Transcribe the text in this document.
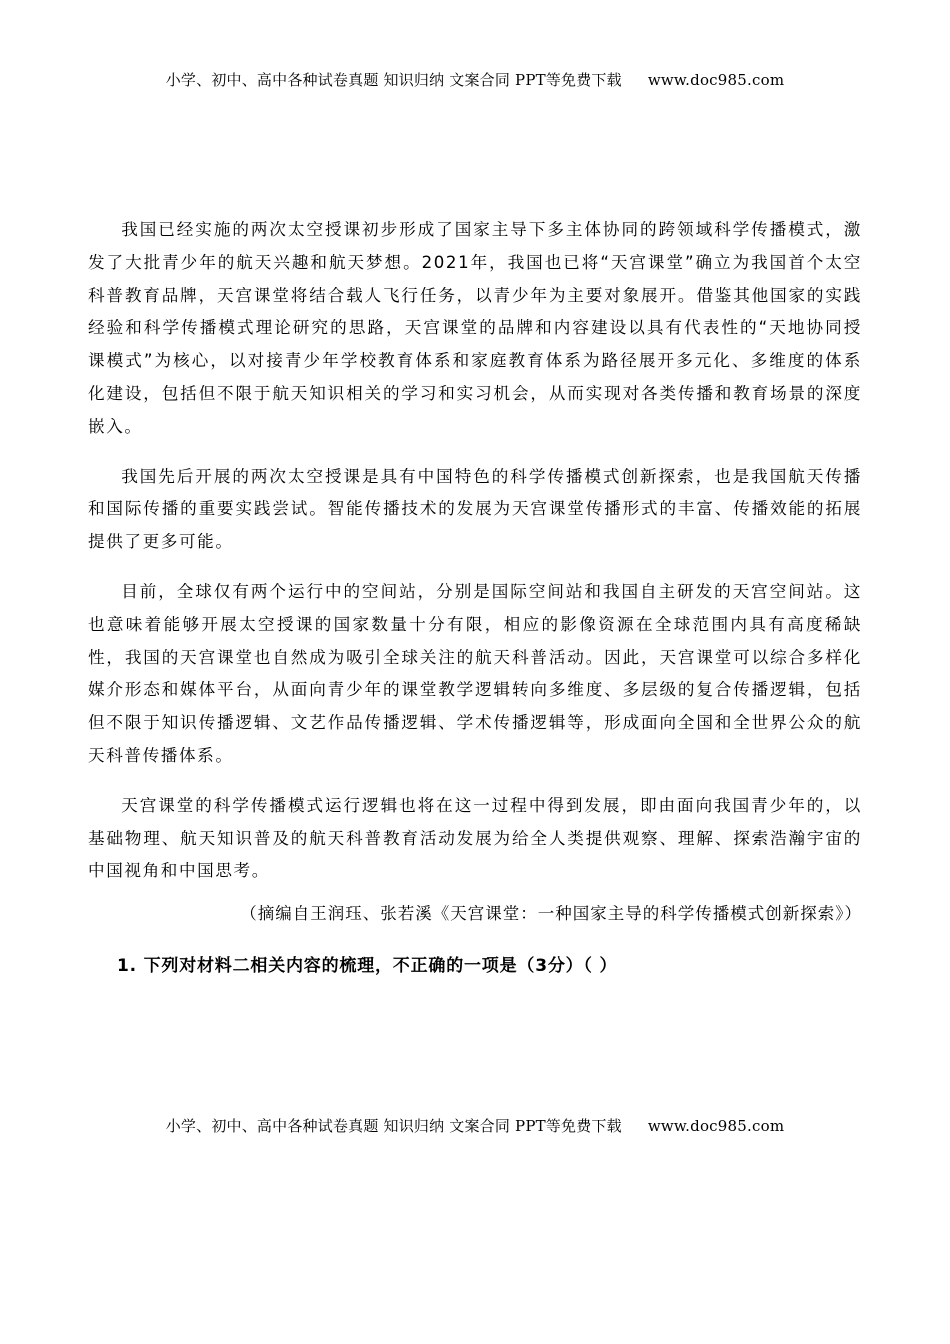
小学、初中、高中各种试卷真题 知识归纳 文案合同 PPT等免费下载 www.doc985.com

我国已经实施的两次太空授课初步形成了国家主导下多主体协同的跨领域科学传播模式，激发了大批青少年的航天兴趣和航天梦想。2021年，我国也已将“天宫课堂”确立为我国首个太空科普教育品牌，天宫课堂将结合载人飞行任务，以青少年为主要对象展开。借鉴其他国家的实践经验和科学传播模式理论研究的思路，天宫课堂的品牌和内容建设以具有代表性的“天地协同授课模式”为核心，以对接青少年学校教育体系和家庭教育体系为路径展开多元化、多维度的体系化建设，包括但不限于航天知识相关的学习和实习机会，从而实现对各类传播和教育场景的深度嵌入。

我国先后开展的两次太空授课是具有中国特色的科学传播模式创新探索，也是我国航天传播和国际传播的重要实践尝试。智能传播技术的发展为天宫课堂传播形式的丰富、传播效能的拓展提供了更多可能。

目前，全球仅有两个运行中的空间站，分别是国际空间站和我国自主研发的天宫空间站。这也意味着能够开展太空授课的国家数量十分有限，相应的影像资源在全球范围内具有高度稀缺性，我国的天宫课堂也自然成为吸引全球关注的航天科普活动。因此，天宫课堂可以综合多样化媒介形态和媒体平台，从面向青少年的课堂教学逻辑转向多维度、多层级的复合传播逻辑，包括但不限于知识传播逻辑、文艺作品传播逻辑、学术传播逻辑等，形成面向全国和全世界公众的航天科普传播体系。

天宫课堂的科学传播模式运行逻辑也将在这一过程中得到发展，即由面向我国青少年的，以基础物理、航天知识普及的航天科普教育活动发展为给全人类提供观察、理解、探索浩瀚宇宙的中国视角和中国思考。

（摘编自王润珏、张若溪《天宫课堂：一种国家主导的科学传播模式创新探索》）
1. 下列对材料二相关内容的梳理，不正确的一项是（3分）（ ）
小学、初中、高中各种试卷真题 知识归纳 文案合同 PPT等免费下载 www.doc985.com
